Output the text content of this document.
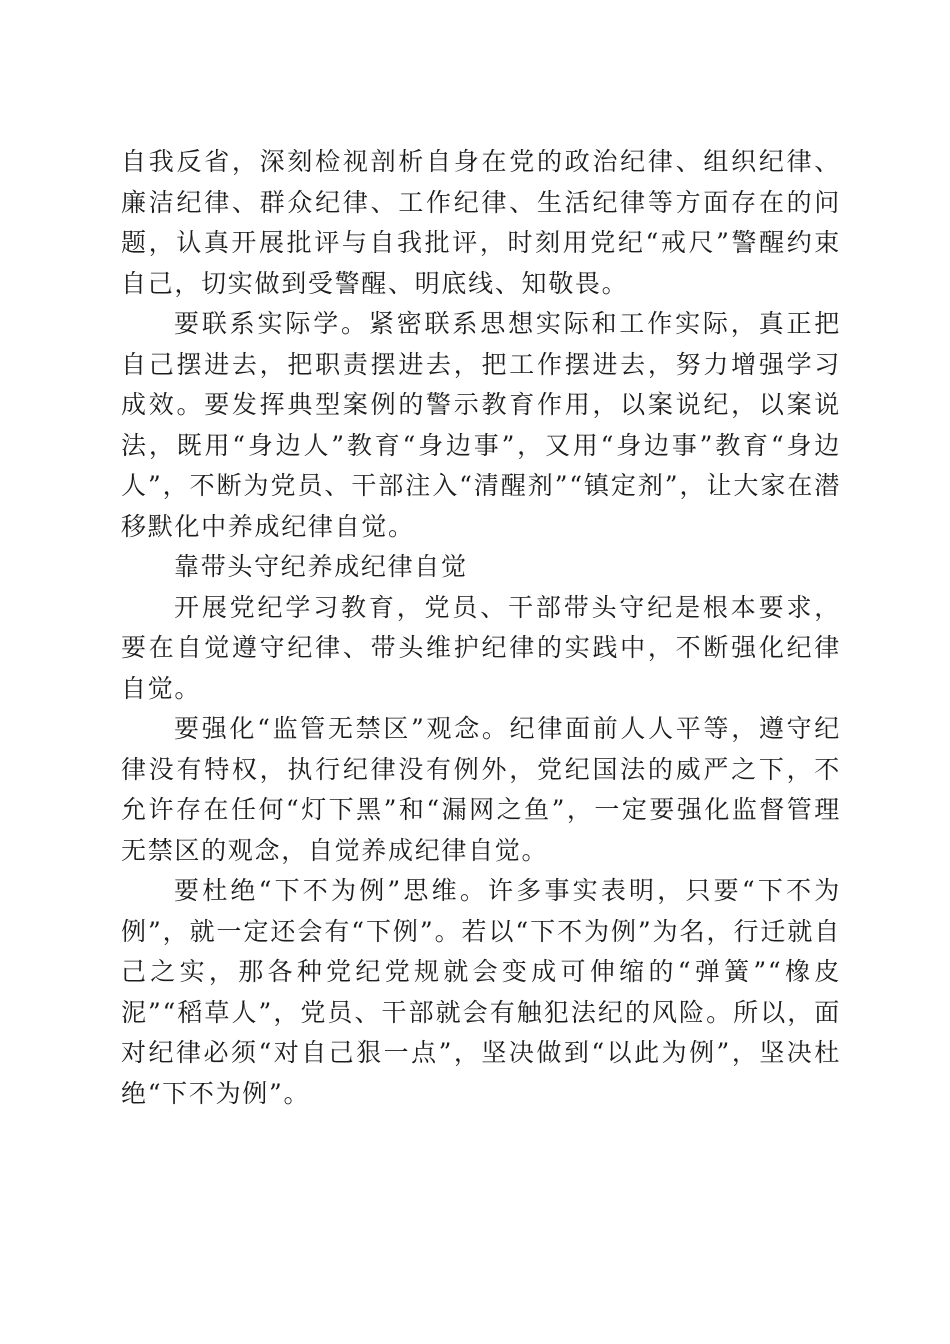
自我反省，深刻检视剖析自身在党的政治纪律、组织纪律、廉洁纪律、群众纪律、工作纪律、生活纪律等方面存在的问题，认真开展批评与自我批评，时刻用党纪“戒尺”警醒约束自己，切实做到受警醒、明底线、知敬畏。

要联系实际学。紧密联系思想实际和工作实际，真正把自己摆进去，把职责摆进去，把工作摆进去，努力增强学习成效。要发挥典型案例的警示教育作用，以案说纪，以案说法，既用“身边人”教育“身边事”，又用“身边事”教育“身边人”，不断为党员、干部注入“清醒剂”“镇定剂”，让大家在潜移默化中养成纪律自觉。

靠带头守纪养成纪律自觉

开展党纪学习教育，党员、干部带头守纪是根本要求，要在自觉遵守纪律、带头维护纪律的实践中，不断强化纪律自觉。

要强化“监管无禁区”观念。纪律面前人人平等，遵守纪律没有特权，执行纪律没有例外，党纪国法的威严之下，不允许存在任何“灯下黑”和“漏网之鱼”，一定要强化监督管理无禁区的观念，自觉养成纪律自觉。

要杜绝“下不为例”思维。许多事实表明，只要“下不为例”，就一定还会有“下例”。若以“下不为例”为名，行迁就自己之实，那各种党纪党规就会变成可伸缩的“弹簧”“橡皮泥”“稻草人”，党员、干部就会有触犯法纪的风险。所以，面对纪律必须“对自己狠一点”，坚决做到“以此为例”，坚决杜绝“下不为例”。
